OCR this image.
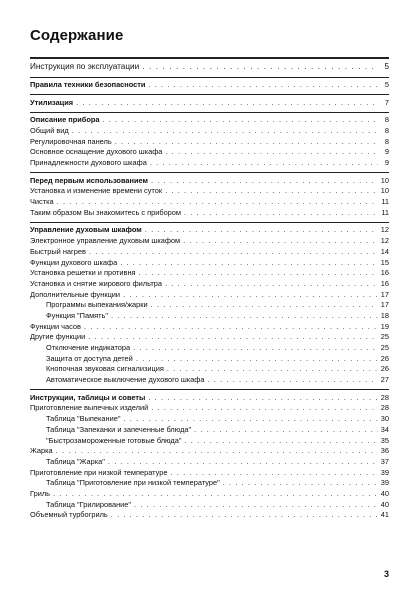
Содержание
Инструкция по эксплуатации . . .	5
Правила техники безопасности . . .	5
Утилизация . . .	7
Описание прибора . . .	8
Общий вид . . .	8
Регулировочная панель . . .	8
Основное оснащение духового шкафа . . .	9
Принадлежности духового шкафа . . .	9
Перед первым использованием . . .	10
Установка и изменение времени суток . . .	10
Чистка . . .	11
Таким образом Вы знакомитесь с прибором . . .	11
Управление духовым шкафом . . .	12
Электронное управление духовым шкафом . . .	12
Быстрый нагрев . . .	14
Функции духового шкафа . . .	15
Установка решетки и противня . . .	16
Установка и снятие жирового фильтра . . .	16
Дополнительные функции . . .	17
Программы выпекания/жарки . . .	17
Функция "Память" . . .	18
Функции часов . . .	19
Другие функции . . .	25
Отключение индикатора . . .	25
Защита от доступа детей . . .	26
Кнопочная звуковая сигнализиция . . .	26
Автоматическое выключение духового шкафа . . .	27
Инструкции, таблицы и советы . . .	28
Приготовление выпечных изделий . . .	28
Таблица "Выпекание" . . .	30
Таблица "Запеканки и запеченные блюда" . . .	34
"Быстрозамороженные готовые блюда" . . .	35
Жарка . . .	36
Таблица "Жарка" . . .	37
Приготовление при низкой температуре . . .	39
Таблица "Приготовление при низкой температуре" . . .	39
Гриль . . .	40
Таблица "Грилирование" . . .	40
Объемный турбогриль . . .	41
3
